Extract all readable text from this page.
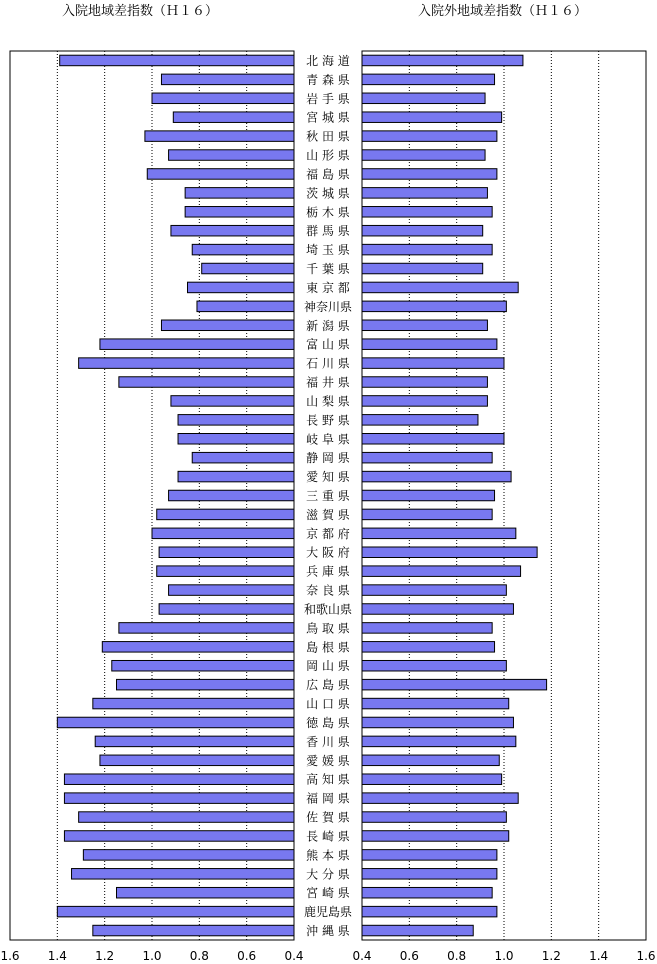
入院地域差指数（Ｈ１６）	入院外地域差指数（Ｈ１６）
1.6 1.4 1.2 1.0 0.8 0.6 0.4	0.4 0.6 0.8 1.0 1.2 1.4 1.6
北 海 道
青 森 県
岩 手 県
宮 城 県
秋 田 県
山 形 県
福 島 県
茨 城 県
栃 木 県
群 馬 県
埼 玉 県
千 葉 県
東 京 都
神奈川県
新 潟 県
富 山 県
石 川 県
福 井 県
山 梨 県
長 野 県
岐 阜 県
静 岡 県
愛 知 県
三 重 県
滋 賀 県
京 都 府
大 阪 府
兵 庫 県
奈 良 県
和歌山県
鳥 取 県
島 根 県
岡 山 県
広 島 県
山 口 県
徳 島 県
香 川 県
愛 媛 県
高 知 県
福 岡 県
佐 賀 県
長 崎 県
熊 本 県
大 分 県
宮 崎 県
鹿児島県
沖 縄 県
